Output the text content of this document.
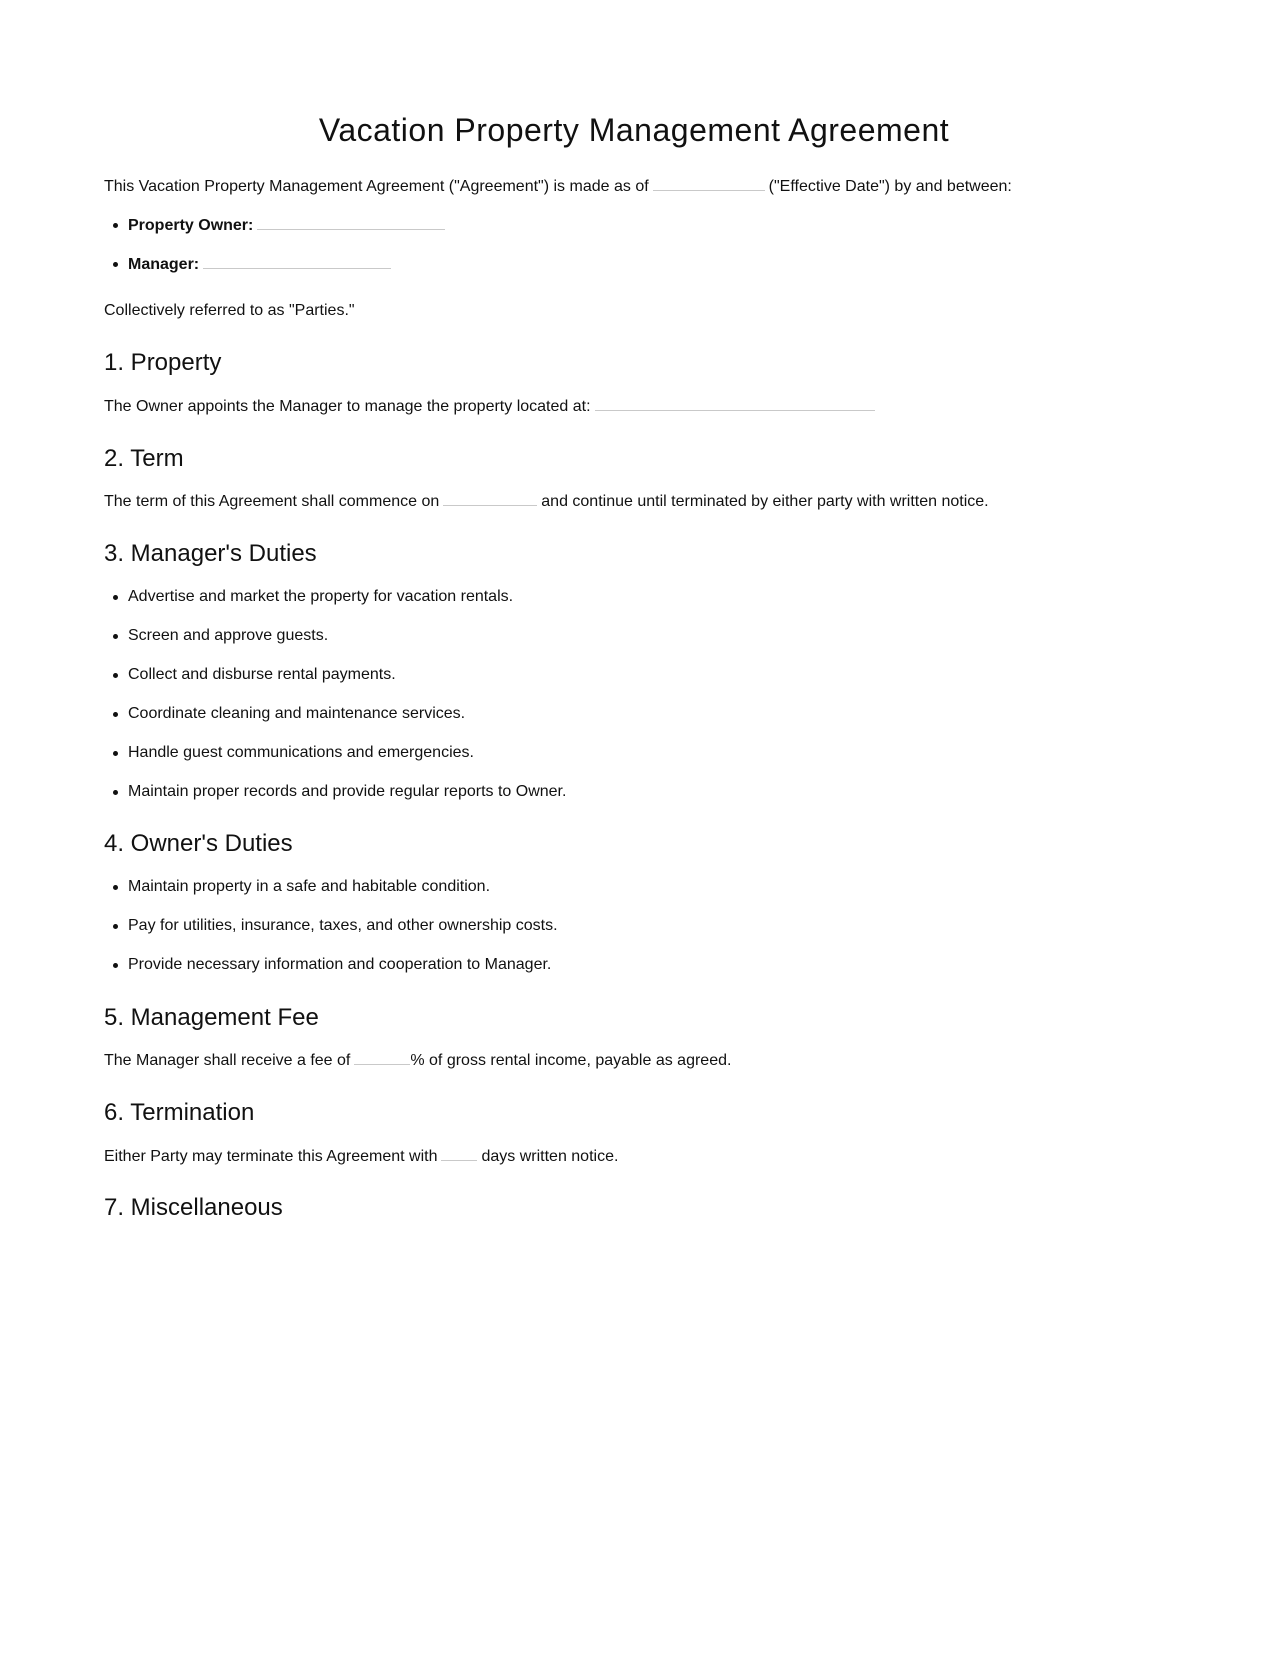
Vacation Property Management Agreement

This Vacation Property Management Agreement ("Agreement") is made as of	("Effective Date") by and between:

Property Owner:
Manager:

Collectively referred to as "Parties."

1. Property

The Owner appoints the Manager to manage the property located at:

2. Term

The term of this Agreement shall commence on	and continue until terminated by either party with written notice.

3. Manager's Duties
Advertise and market the property for vacation rentals.
Screen and approve guests.
Collect and disburse rental payments.
Coordinate cleaning and maintenance services.
Handle guest communications and emergencies.
Maintain proper records and provide regular reports to Owner.
4. Owner's Duties
Maintain property in a safe and habitable condition.
Pay for utilities, insurance, taxes, and other ownership costs.
Provide necessary information and cooperation to Manager.
5. Management Fee

The Manager shall receive a fee of	% of gross rental income, payable as agreed.

6. Termination

Either Party may terminate this Agreement with	days written notice.

7. Miscellaneous
